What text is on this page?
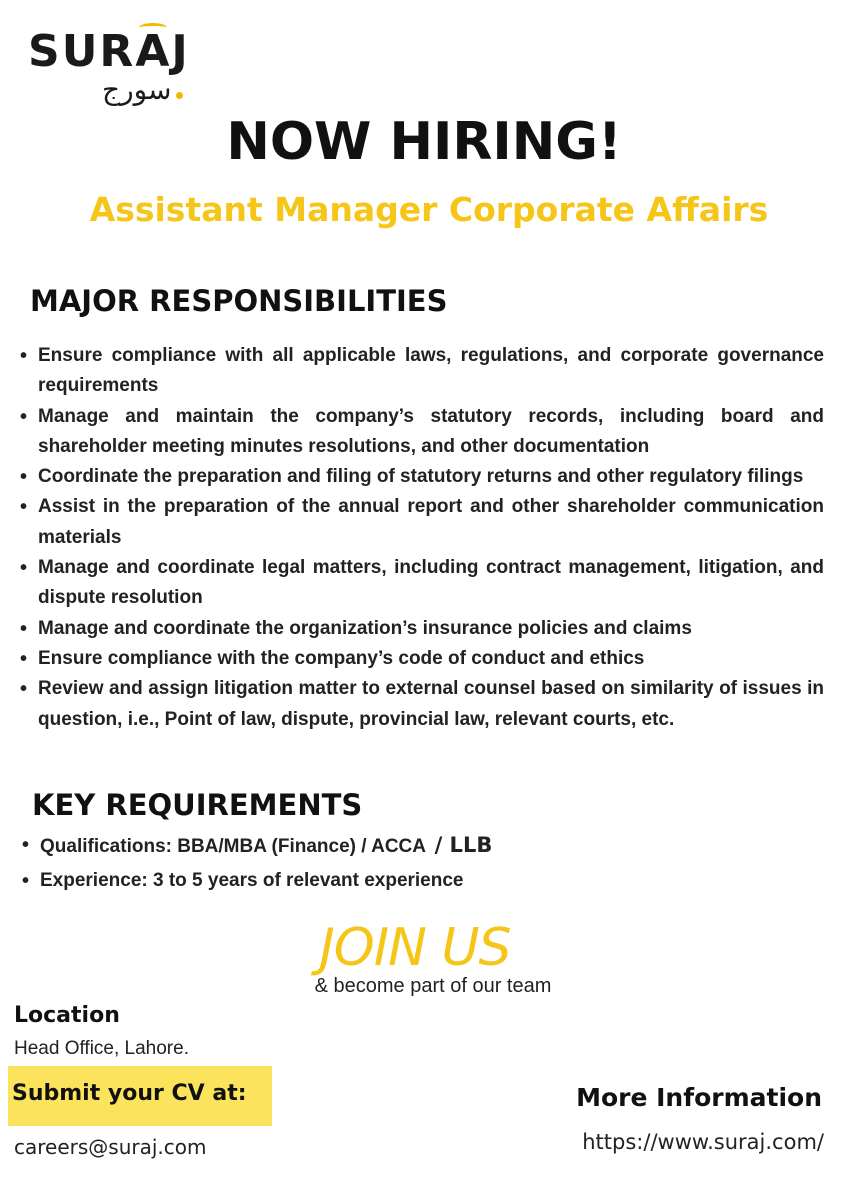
SURAJ
سورج
NOW HIRING!
Assistant Manager Corporate Affairs
MAJOR RESPONSIBILITIES
• Ensure compliance with all applicable laws, regulations, and corporate governance requirements
• Manage and maintain the company’s statutory records, including board and shareholder meeting minutes resolutions, and other documentation
• Coordinate the preparation and filing of statutory returns and other regulatory filings
• Assist in the preparation of the annual report and other shareholder communication materials
• Manage and coordinate legal matters, including contract management, litigation, and dispute resolution
• Manage and coordinate the organization’s insurance policies and claims
• Ensure compliance with the company’s code of conduct and ethics
• Review and assign litigation matter to external counsel based on similarity of issues in question, i.e., Point of law, dispute, provincial law, relevant courts, etc.
KEY REQUIREMENTS
• Qualifications: BBA/MBA (Finance) / ACCA / LLB
• Experience: 3 to 5 years of relevant experience
JOIN US
& become part of our team
Location
Head Office, Lahore.
Submit your CV at:
careers@suraj.com
More Information
https://www.suraj.com/
